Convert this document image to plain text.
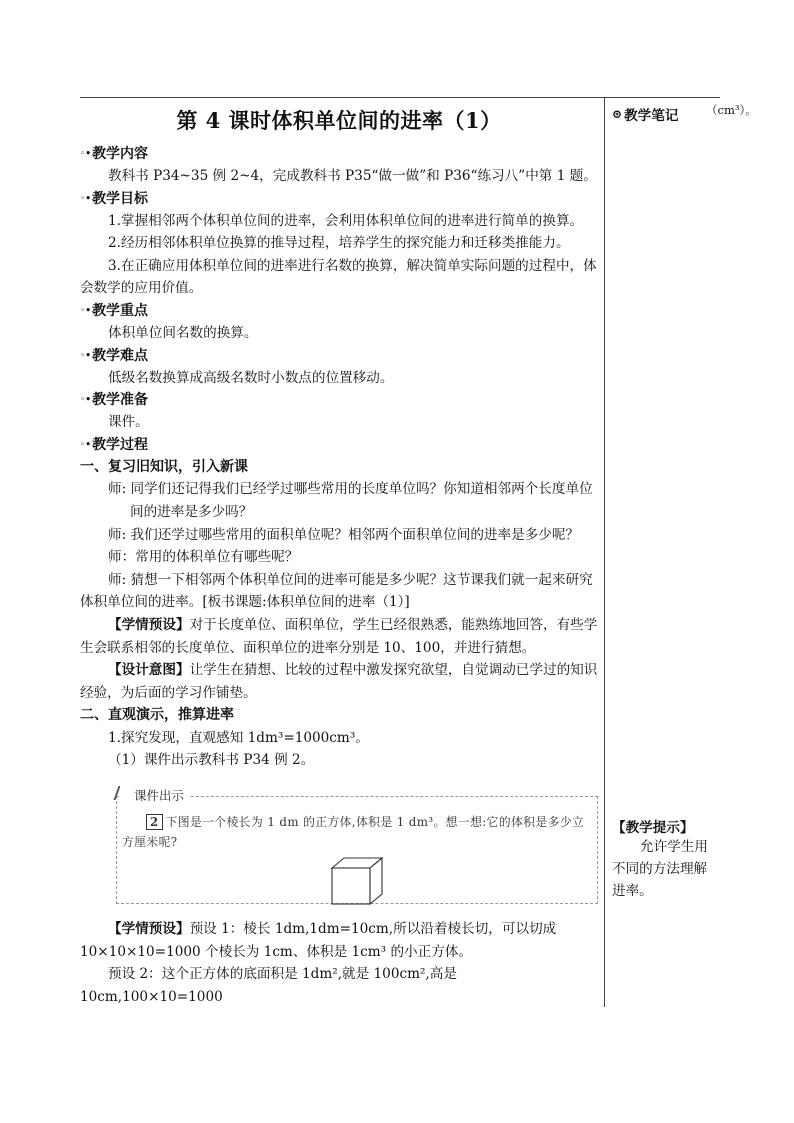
第 4 课时体积单位间的进率（1）
◦• 教学内容
教科书 P34~35 例 2~4，完成教科书 P35“做一做”和 P36“练习八”中第 1 题。
◦• 教学目标
1.掌握相邻两个体积单位间的进率，会利用体积单位间的进率进行简单的换算。
2.经历相邻体积单位换算的推导过程，培养学生的探究能力和迁移类推能力。
3.在正确应用体积单位间的进率进行名数的换算，解决简单实际问题的过程中，体会数学的应用价值。
◦• 教学重点
体积单位间名数的换算。
◦• 教学难点
低级名数换算成高级名数时小数点的位置移动。
◦• 教学准备
课件。
◦• 教学过程
一、复习旧知识，引入新课
师: 同学们还记得我们已经学过哪些常用的长度单位吗？你知道相邻两个长度单位间的进率是多少吗？
师: 我们还学过哪些常用的面积单位呢？相邻两个面积单位间的进率是多少呢？
师：常用的体积单位有哪些呢？
师: 猜想一下相邻两个体积单位间的进率可能是多少呢？这节课我们就一起来研究体积单位间的进率。[板书课题:体积单位间的进率（1）]
【学情预设】对于长度单位、面积单位，学生已经很熟悉，能熟练地回答，有些学生会联系相邻的长度单位、面积单位的进率分别是 10、100，并进行猜想。
【设计意图】让学生在猜想、比较的过程中激发探究欲望，自觉调动已学过的知识经验，为后面的学习作铺垫。
二、直观演示，推算进率
1.探究发现，直观感知 1dm³=1000cm³。
（1）课件出示教科书 P34 例 2。
课件出示
2 下图是一个棱长为 1 dm 的正方体,体积是 1 dm³。想一想:它的体积是多少立方厘米呢?
【学情预设】预设 1：棱长 1dm,1dm=10cm,所以沿着棱长切，可以切成 10×10×10=1000 个棱长为 1cm、体积是 1cm³ 的小正方体。
预设 2：这个正方体的底面积是 1dm²,就是 100cm²,高是 10cm,100×10=1000
⊚ 教学笔记 （cm³）。
【教学提示】
允许学生用不同的方法理解进率。
